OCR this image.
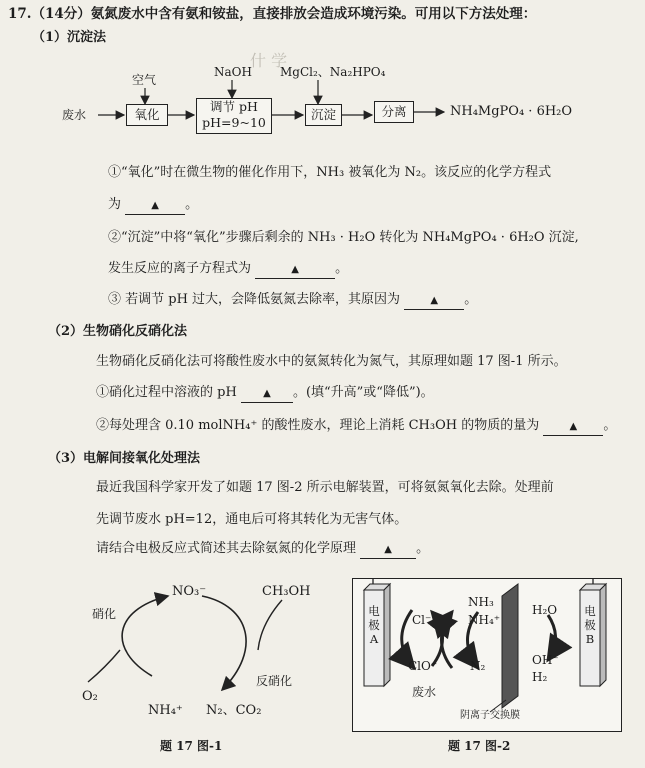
17.（14分）氨氮废水中含有氨和铵盐，直接排放会造成环境污染。可用以下方法处理：
（1）沉淀法
什 学
废水
空气
氧化
NaOH
调节 pH
pH=9~10
MgCl₂、Na₂HPO₄
沉淀	分离	NH₄MgPO₄ · 6H₂O
①“氧化”时在微生物的催化作用下，NH₃ 被氧化为 N₂。该反应的化学方程式
为	▲ 。
②“沉淀”中将“氧化”步骤后剩余的 NH₃ · H₂O 转化为 NH₄MgPO₄ · 6H₂O 沉淀,
发生反应的离子方程式为	▲	。
③ 若调节 pH 过大，会降低氨氮去除率，其原因为	▲ 。
（2）生物硝化反硝化法
生物硝化反硝化法可将酸性废水中的氨氮转化为氮气，其原理如题 17 图-1 所示。
①硝化过程中溶液的 pH	▲ 。(填“升高”或“降低”)。
②每处理含 0.10 molNH₄⁺ 的酸性废水，理论上消耗 CH₃OH 的物质的量为	▲ 。
（3）电解间接氧化处理法
最近我国科学家开发了如题 17 图-2 所示电解装置，可将氨氮氧化去除。处理前
先调节废水 pH=12，通电后可将其转化为无害气体。
请结合电极反应式简述其去除氨氮的化学原理	▲ 。
NO₃⁻	CH₃OH
硝化
反硝化
O₂
NH₄⁺ N₂、CO₂
题 17 图-1
电极A
电极B
Cl⁻
ClO⁻
NH₃
NH₄⁺
N₂
H₂O
OH⁻
H₂
废水
阴离子交换膜
题 17 图-2
